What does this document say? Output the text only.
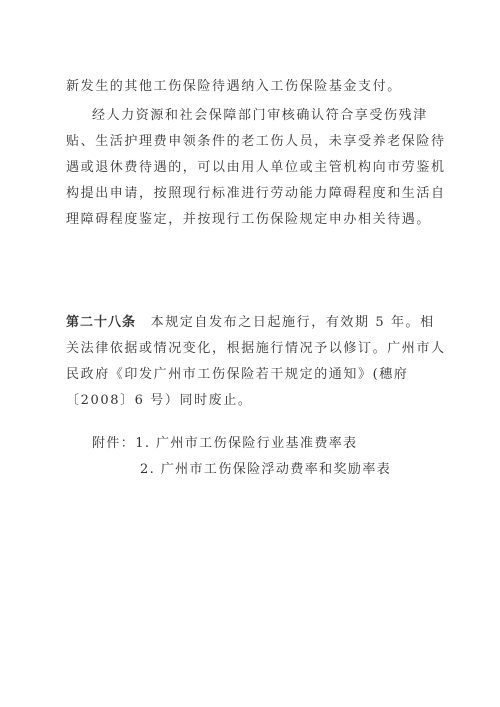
新发生的其他工伤保险待遇纳入工伤保险基金支付。

经人力资源和社会保障部门审核确认符合享受伤残津贴、生活护理费申领条件的老工伤人员，未享受养老保险待遇或退休费待遇的，可以由用人单位或主管机构向市劳鉴机构提出申请，按照现行标准进行劳动能力障碍程度和生活自理障碍程度鉴定，并按现行工伤保险规定申办相关待遇。

第二十八条　本规定自发布之日起施行，有效期 5 年。相关法律依据或情况变化，根据施行情况予以修订。广州市人民政府《印发广州市工伤保险若干规定的通知》(穗府〔2008〕6 号）同时废止。

附件：1. 广州市工伤保险行业基准费率表
2. 广州市工伤保险浮动费率和奖励率表
